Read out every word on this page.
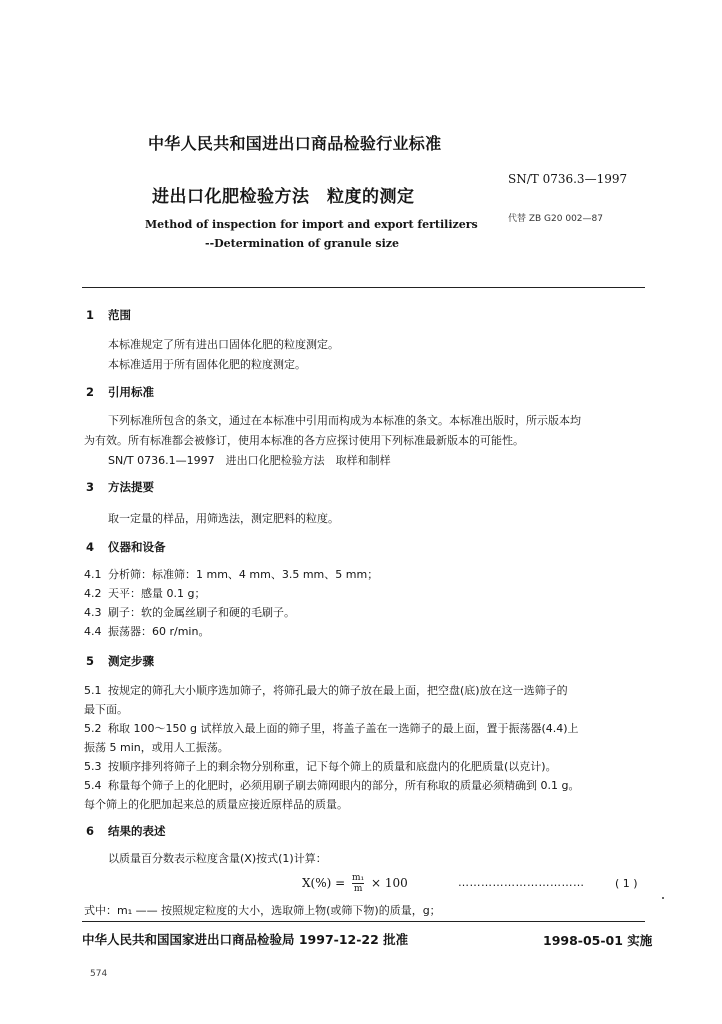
中华人民共和国进出口商品检验行业标准
SN/T 0736.3—1997
进出口化肥检验方法　粒度的测定
代替 ZB G20 002—87
Method of inspection for import and export fertilizers
--Determination of granule size
1 范围
本标准规定了所有进出口固体化肥的粒度测定。
本标准适用于所有固体化肥的粒度测定。
2 引用标准
下列标准所包含的条文，通过在本标准中引用而构成为本标准的条文。本标准出版时，所示版本均
为有效。所有标准都会被修订，使用本标准的各方应探讨使用下列标准最新版本的可能性。
SN/T 0736.1—1997　进出口化肥检验方法　取样和制样
3 方法提要
取一定量的样品，用筛选法，测定肥料的粒度。
4 仪器和设备
4.1 分析筛：标准筛：1 mm、4 mm、3.5 mm、5 mm；
4.2 天平：感量 0.1 g；
4.3 刷子：软的金属丝刷子和硬的毛刷子。
4.4 振荡器：60 r/min。
5 测定步骤
5.1 按规定的筛孔大小顺序选加筛子，将筛孔最大的筛子放在最上面，把空盘(底)放在这一选筛子的
最下面。
5.2 称取 100～150 g 试样放入最上面的筛子里，将盖子盖在一选筛子的最上面，置于振荡器(4.4)上
振荡 5 min，或用人工振荡。
5.3 按顺序排列将筛子上的剩余物分别称重，记下每个筛上的质量和底盘内的化肥质量(以克计)。
5.4 称量每个筛子上的化肥时，必须用刷子刷去筛网眼内的部分，所有称取的质量必须精确到 0.1 g。
每个筛上的化肥加起来总的质量应接近原样品的质量。
6 结果的表述
以质量百分数表示粒度含量(X)按式(1)计算：
$X(\%) = \frac{\text{m₁}}{m} \times 100$	……………………………	( 1 )
式中：m₁ —— 按照规定粒度的大小，选取筛上物(或筛下物)的质量，g；
中华人民共和国国家进出口商品检验局 1997-12-22 批准	1998-05-01 实施
574
